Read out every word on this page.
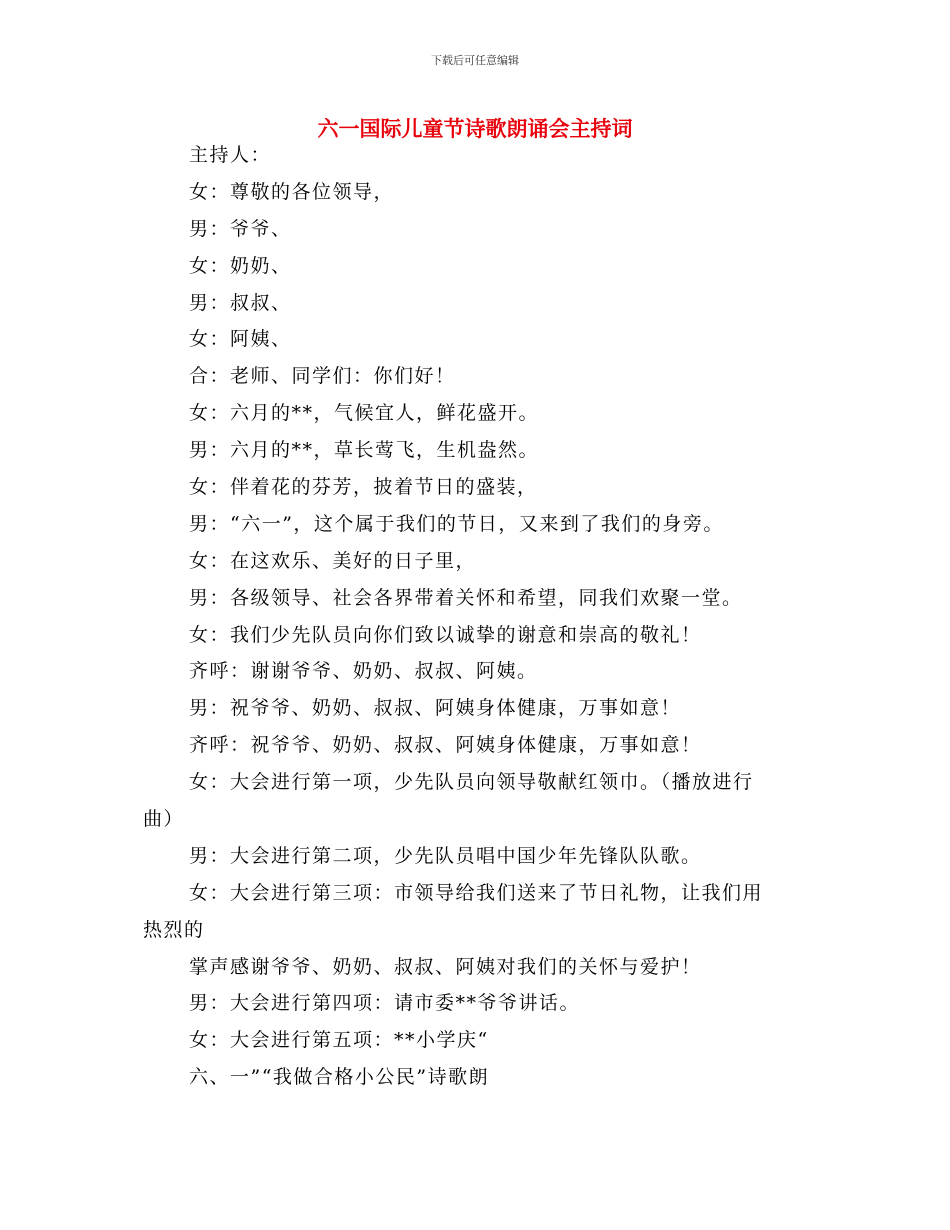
下载后可任意编辑
六一国际儿童节诗歌朗诵会主持词
主持人：
女：尊敬的各位领导，
男：爷爷、
女：奶奶、
男：叔叔、
女：阿姨、
合：老师、同学们：你们好！
女：六月的**，气候宜人，鲜花盛开。
男：六月的**，草长莺飞，生机盎然。
女：伴着花的芬芳，披着节日的盛装，
男：“六一”，这个属于我们的节日，又来到了我们的身旁。
女：在这欢乐、美好的日子里，
男：各级领导、社会各界带着关怀和希望，同我们欢聚一堂。
女：我们少先队员向你们致以诚挚的谢意和崇高的敬礼！
齐呼：谢谢爷爷、奶奶、叔叔、阿姨。
男：祝爷爷、奶奶、叔叔、阿姨身体健康，万事如意！
齐呼：祝爷爷、奶奶、叔叔、阿姨身体健康，万事如意！
女：大会进行第一项，少先队员向领导敬献红领巾。（播放进行
曲）
男：大会进行第二项，少先队员唱中国少年先锋队队歌。
女：大会进行第三项：市领导给我们送来了节日礼物，让我们用
热烈的
掌声感谢爷爷、奶奶、叔叔、阿姨对我们的关怀与爱护！
男：大会进行第四项：请市委**爷爷讲话。
女：大会进行第五项：**小学庆“
六、一”“我做合格小公民”诗歌朗
